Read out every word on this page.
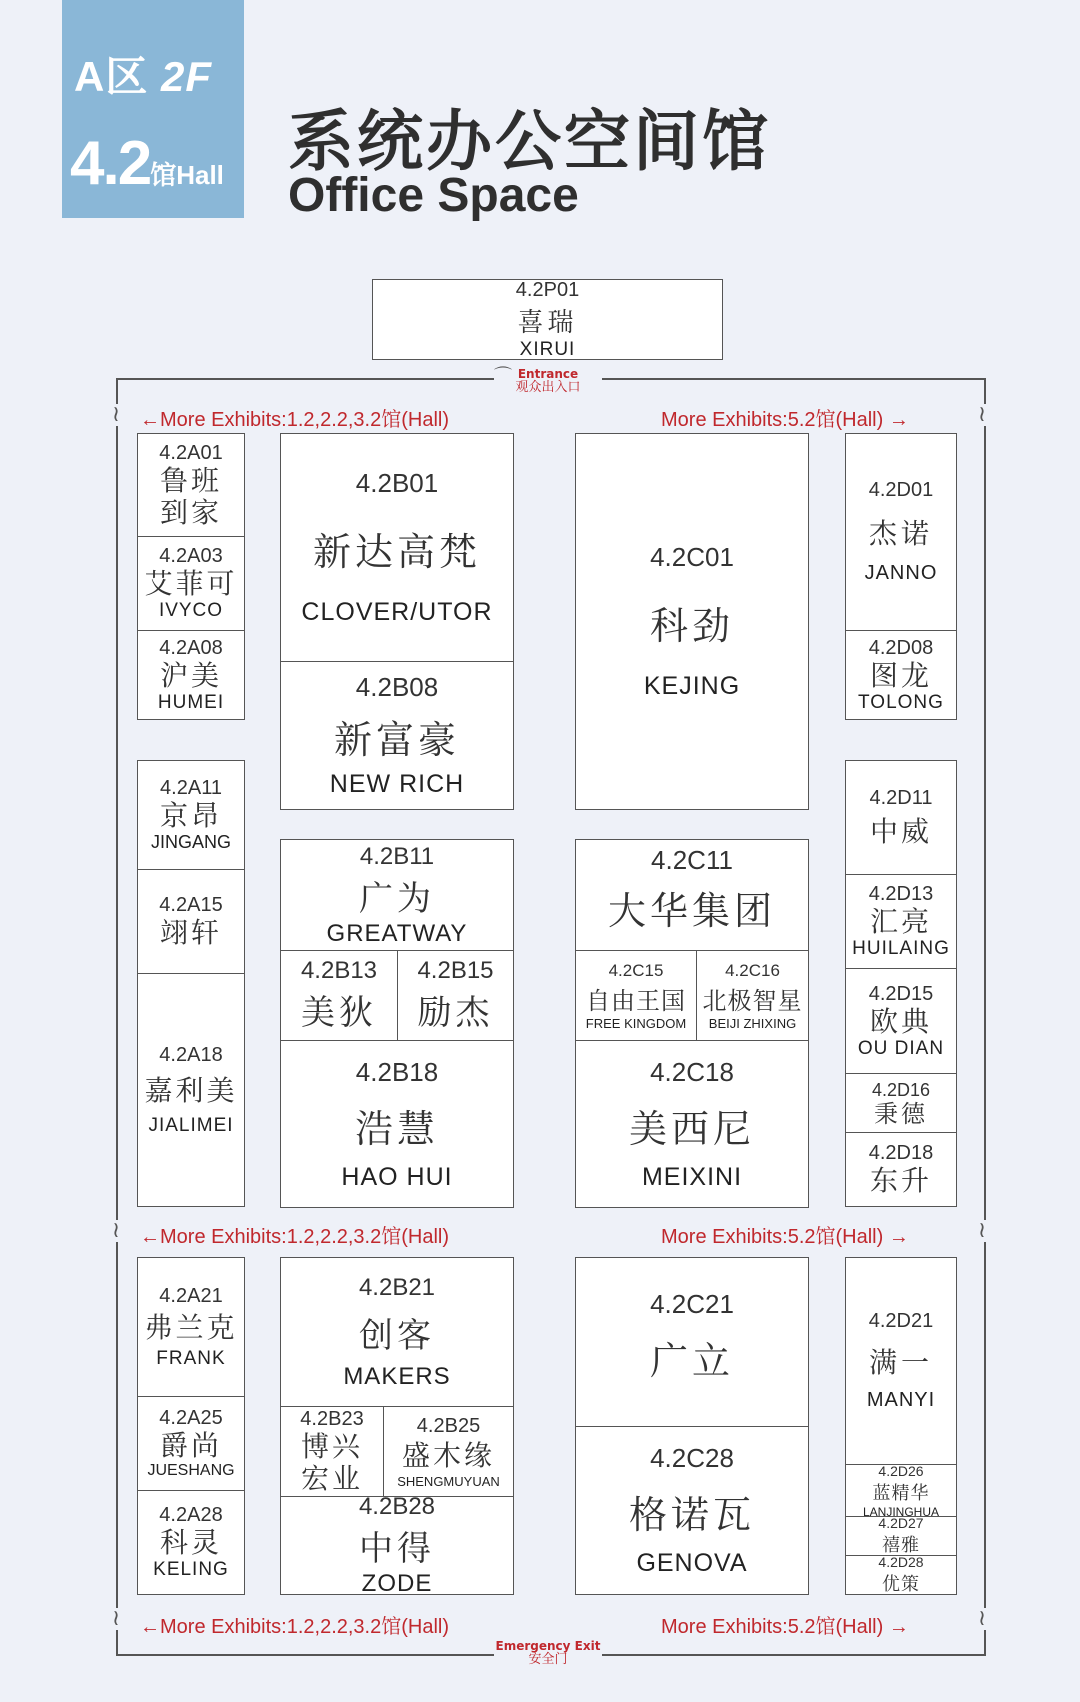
A区 2F
4.2馆Hall 系统办公空间馆
Office Space
4.2P01
喜瑞
XIRUI
⌒ Entrance
观众出入口
Emergency Exit
安全门
≀	≀
≀	≀
≀	≀
←More Exhibits:1.2,2.2,3.2馆(Hall)	More Exhibits:5.2馆(Hall) →
←More Exhibits:1.2,2.2,3.2馆(Hall)	More Exhibits:5.2馆(Hall) →
←More Exhibits:1.2,2.2,3.2馆(Hall)	More Exhibits:5.2馆(Hall) →
4.2A01
鲁班
到家
4.2A03
艾菲可
IVYCO
4.2A08
沪美
HUMEI
4.2A11
京昂
JINGANG
4.2A15
翊轩
4.2A18
嘉利美
JIALIMEI
4.2A21
弗兰克
FRANK
4.2A25
爵尚
JUESHANG
4.2A28
科灵
KELING
4.2B01
新达高梵
CLOVER/UTOR
4.2B08
新富豪
NEW RICH
4.2B11
广为
GREATWAY
4.2B13
美狄
4.2B15
励杰
4.2B18
浩慧
HAO HUI
4.2B21
创客
MAKERS
4.2B23
博兴
宏业
4.2B25
盛木缘
SHENGMUYUAN
4.2B28
中得
ZODE
4.2C01
科劲
KEJING
4.2C11
大华集团
4.2C15
自由王国
FREE KINGDOM
4.2C16
北极智星
BEIJI ZHIXING
4.2C18
美西尼
MEIXINI
4.2C21
广立
4.2C28
格诺瓦
GENOVA
4.2D01
杰诺
JANNO
4.2D08
图龙
TOLONG
4.2D11
中威
4.2D13
汇亮
HUILAING
4.2D15
欧典
OU DIAN
4.2D16
秉德
4.2D18
东升
4.2D21
满一
MANYI
4.2D26
蓝精华
LANJINGHUA
4.2D27
禧雅
4.2D28
优策
